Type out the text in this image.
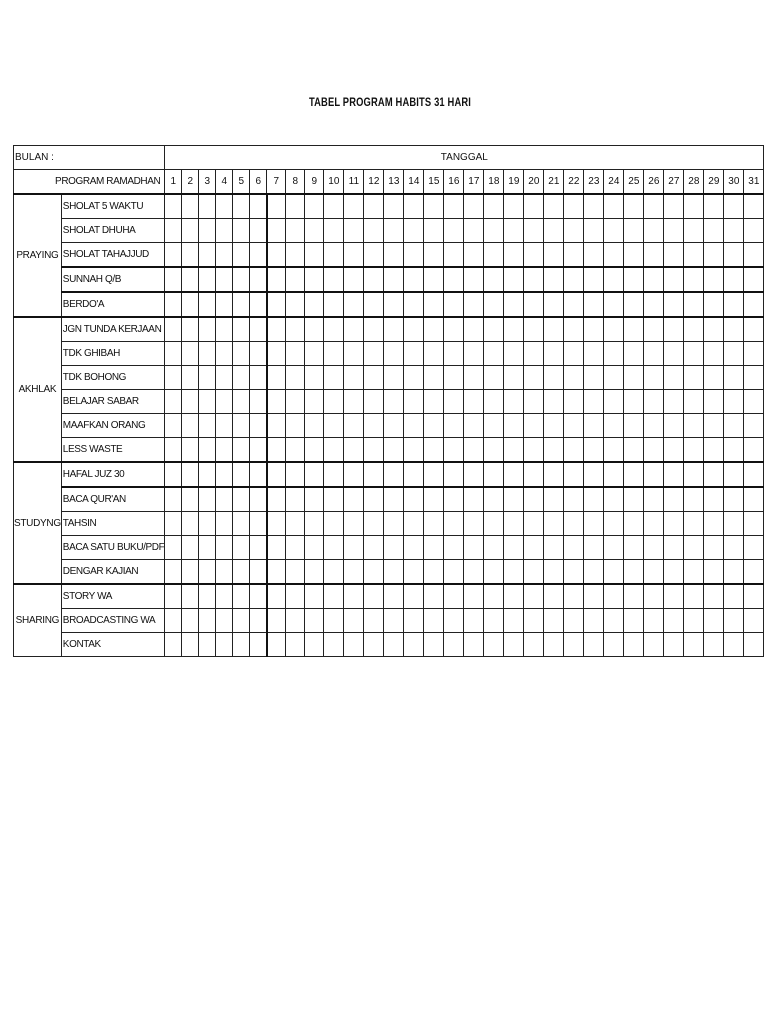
TABEL PROGRAM HABITS 31 HARI
BULAN :		TANGGAL																														
PROGRAM RAMADHAN		1	2	3	4	5	6	7	8	9	10	11	12	13	14	15	16	17	18	19	20	21	22	23	24	25	26	27	28	29	30	31
PRAYING	SHOLAT 5 WAKTU																															
	SHOLAT DHUHA																															
	SHOLAT TAHAJJUD																															
	SUNNAH Q/B																															
	BERDO'A																															
AKHLAK	JGN TUNDA KERJAAN																															
	TDK GHIBAH																															
	TDK BOHONG																															
	BELAJAR SABAR																															
	MAAFKAN ORANG																															
	LESS WASTE																															
STUDYNG	HAFAL JUZ 30																															
	BACA QUR'AN																															
	TAHSIN																															
	BACA SATU BUKU/PDF																															
	DENGAR KAJIAN																															
SHARING	STORY WA																															
	BROADCASTING WA																															
	KONTAK																															
